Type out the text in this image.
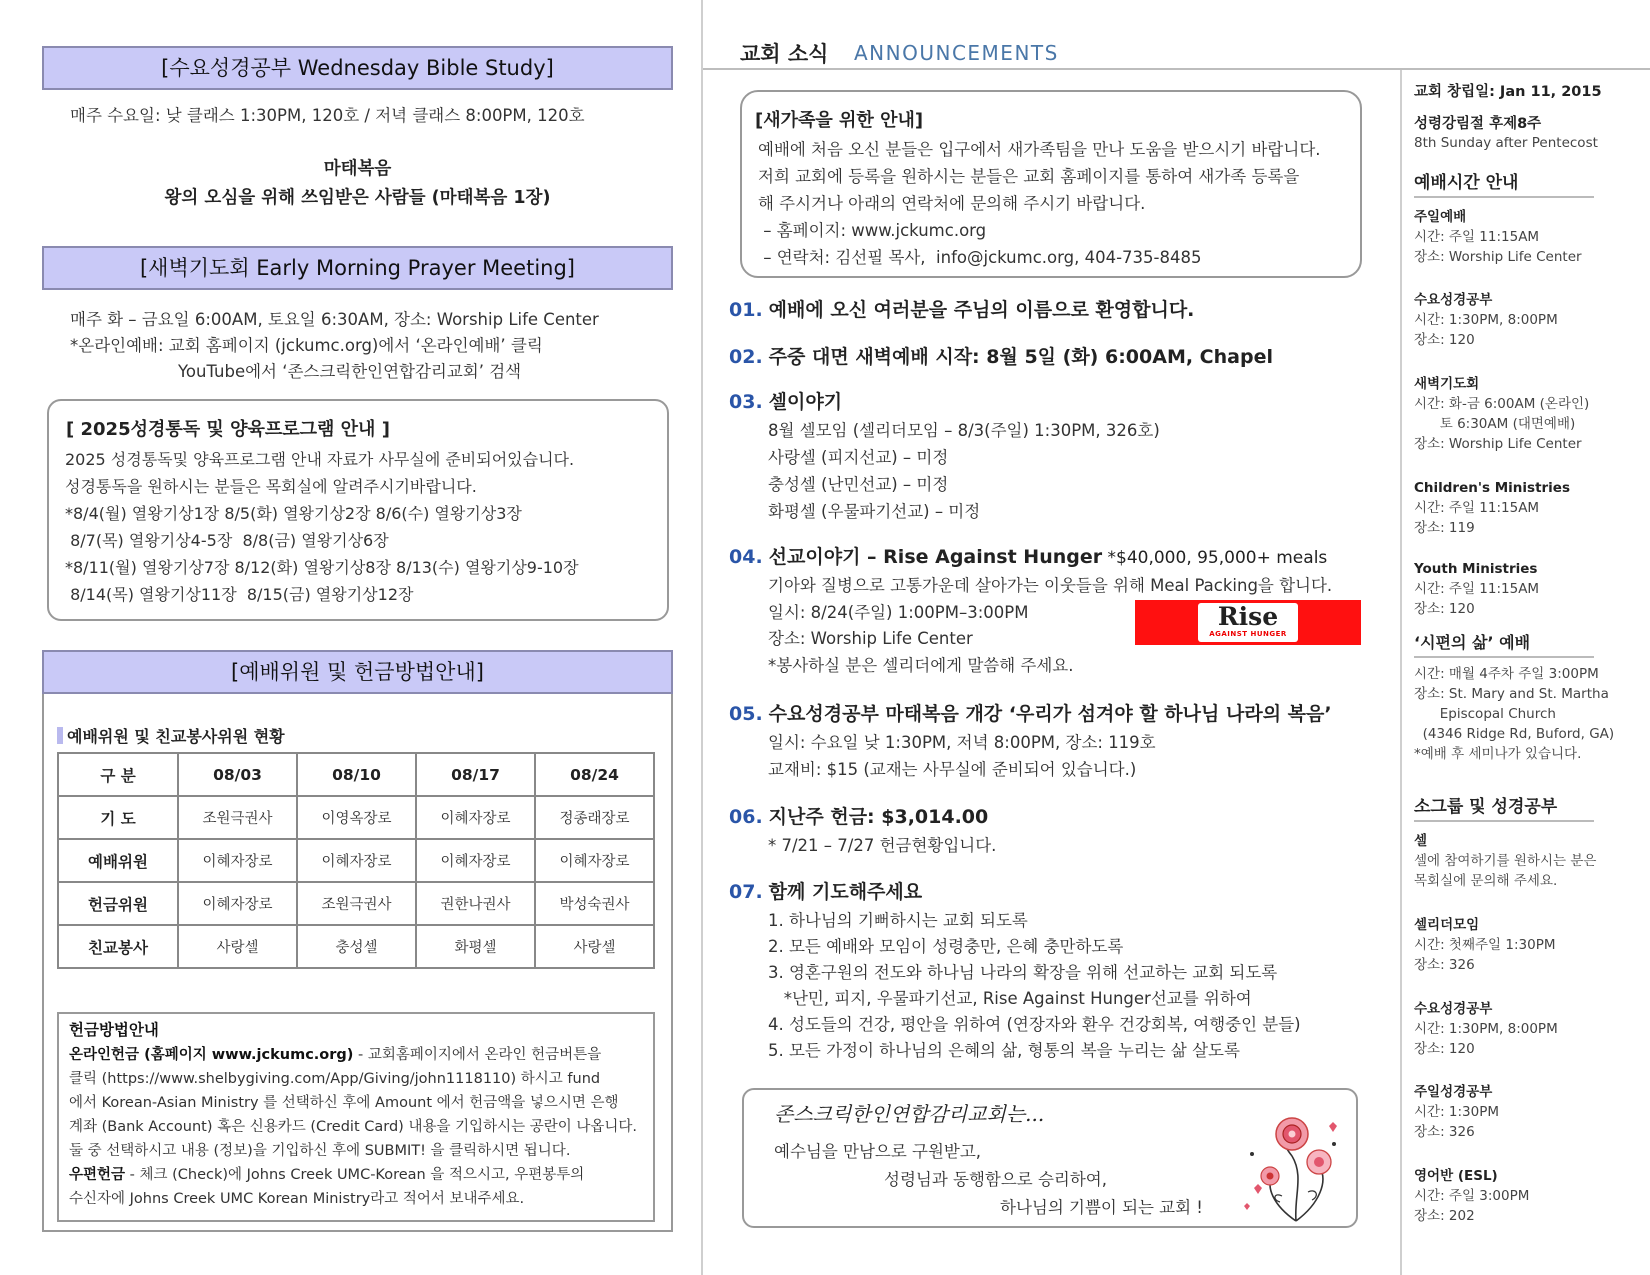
[수요성경공부 Wednesday Bible Study]
매주 수요일: 낮 클래스 1:30PM, 120호 / 저녁 클래스 8:00PM, 120호
마태복음
왕의 오심을 위해 쓰임받은 사람들 (마태복음 1장)
[새벽기도회 Early Morning Prayer Meeting]
매주 화 – 금요일 6:00AM, 토요일 6:30AM, 장소: Worship Life Center
*온라인예배: 교회 홈페이지 (jckumc.org)에서 ‘온라인예배’ 클릭
YouTube에서 ‘존스크릭한인연합감리교회’ 검색
[ 2025성경통독 및 양육프로그램 안내 ]
2025 성경통독및 양육프로그램 안내 자료가 사무실에 준비되어있습니다.
성경통독을 원하시는 분들은 목회실에 알려주시기바랍니다.
*8/4(월) 열왕기상1장 8/5(화) 열왕기상2장 8/6(수) 열왕기상3장
8/7(목) 열왕기상4-5장  8/8(금) 열왕기상6장
*8/11(월) 열왕기상7장 8/12(화) 열왕기상8장 8/13(수) 열왕기상9-10장
8/14(목) 열왕기상11장  8/15(금) 열왕기상12장
[예배위원 및 헌금방법안내]
예배위원 및 친교봉사위원 현황
구 분	08/03	08/10	08/17	08/24
기 도	조원극권사	이영옥장로	이혜자장로	정종래장로
예배위원	이혜자장로	이혜자장로	이혜자장로	이혜자장로
헌금위원	이혜자장로	조원극권사	권한나권사	박성숙권사
친교봉사	사랑셀	충성셀	화평셀	사랑셀
헌금방법안내
온라인헌금 (홈페이지 www.jckumc.org) - 교회홈페이지에서 온라인 헌금버튼을
클릭 (https://www.shelbygiving.com/App/Giving/john1118110) 하시고 fund
에서 Korean-Asian Ministry 를 선택하신 후에 Amount 에서 헌금액을 넣으시면 은행
계좌 (Bank Account) 혹은 신용카드 (Credit Card) 내용을 기입하시는 공란이 나옵니다.
둘 중 선택하시고 내용 (정보)을 기입하신 후에 SUBMIT! 을 클릭하시면 됩니다.
우편헌금 - 체크 (Check)에 Johns Creek UMC-Korean 을 적으시고, 우편봉투의
수신자에 Johns Creek UMC Korean Ministry라고 적어서 보내주세요.
교회 소식 ANNOUNCEMENTS
[새가족을 위한 안내]
예배에 처음 오신 분들은 입구에서 새가족팀을 만나 도움을 받으시기 바랍니다.
저희 교회에 등록을 원하시는 분들은 교회 홈페이지를 통하여 새가족 등록을
해 주시거나 아래의 연락처에 문의해 주시기 바랍니다.
– 홈페이지: www.jckumc.org
– 연락처: 김선필 목사,  info@jckumc.org, 404-735-8485
01. 예배에 오신 여러분을 주님의 이름으로 환영합니다.
02. 주중 대면 새벽예배 시작: 8월 5일 (화) 6:00AM, Chapel
03. 셀이야기
8월 셀모임 (셀리더모임 – 8/3(주일) 1:30PM, 326호)
사랑셀 (피지선교) – 미정
충성셀 (난민선교) – 미정
화평셀 (우물파기선교) – 미정
04. 선교이야기 – Rise Against Hunger *$40,000, 95,000+ meals
기아와 질병으로 고통가운데 살아가는 이웃들을 위해 Meal Packing을 합니다.
일시: 8/24(주일) 1:00PM–3:00PM
장소: Worship Life Center
*봉사하실 분은 셀리더에게 말씀해 주세요.
Rise
AGAINST HUNGER
05. 수요성경공부 마태복음 개강 ‘우리가 섬겨야 할 하나님 나라의 복음’
일시: 수요일 낮 1:30PM, 저녁 8:00PM, 장소: 119호
교재비: $15 (교재는 사무실에 준비되어 있습니다.)
06. 지난주 헌금: $3,014.00
* 7/21 – 7/27 헌금현황입니다.
07. 함께 기도해주세요
1. 하나님의 기뻐하시는 교회 되도록
2. 모든 예배와 모임이 성령충만, 은혜 충만하도록
3. 영혼구원의 전도와 하나님 나라의 확장을 위해 선교하는 교회 되도록
*난민, 피지, 우물파기선교, Rise Against Hunger선교를 위하여
4. 성도들의 건강, 평안을 위하여 (연장자와 환우 건강회복, 여행중인 분들)
5. 모든 가정이 하나님의 은혜의 삶, 형통의 복을 누리는 삶 살도록
존스크릭한인연합감리교회는...
예수님을 만남으로 구원받고,
성령님과 동행함으로 승리하여,
하나님의 기쁨이 되는 교회 !
교회 창립일: Jan 11, 2015
성령강림절 후제8주
8th Sunday after Pentecost
예배시간 안내
주일예배
시간: 주일 11:15AM
장소: Worship Life Center
수요성경공부
시간: 1:30PM, 8:00PM
장소: 120
새벽기도회
시간: 화-금 6:00AM (온라인)
토 6:30AM (대면예배)
장소: Worship Life Center
Children's Ministries
시간: 주일 11:15AM
장소: 119
Youth Ministries
시간: 주일 11:15AM
장소: 120
‘시편의 삶’ 예배
시간: 매월 4주차 주일 3:00PM
장소: St. Mary and St. Martha
Episcopal Church
(4346 Ridge Rd, Buford, GA)
*예배 후 세미나가 있습니다.
소그룹 및 성경공부
셀
셀에 참여하기를 원하시는 분은
목회실에 문의해 주세요.
셀리더모임
시간: 첫째주일 1:30PM
장소: 326
수요성경공부
시간: 1:30PM, 8:00PM
장소: 120
주일성경공부
시간: 1:30PM
장소: 326
영어반 (ESL)
시간: 주일 3:00PM
장소: 202
